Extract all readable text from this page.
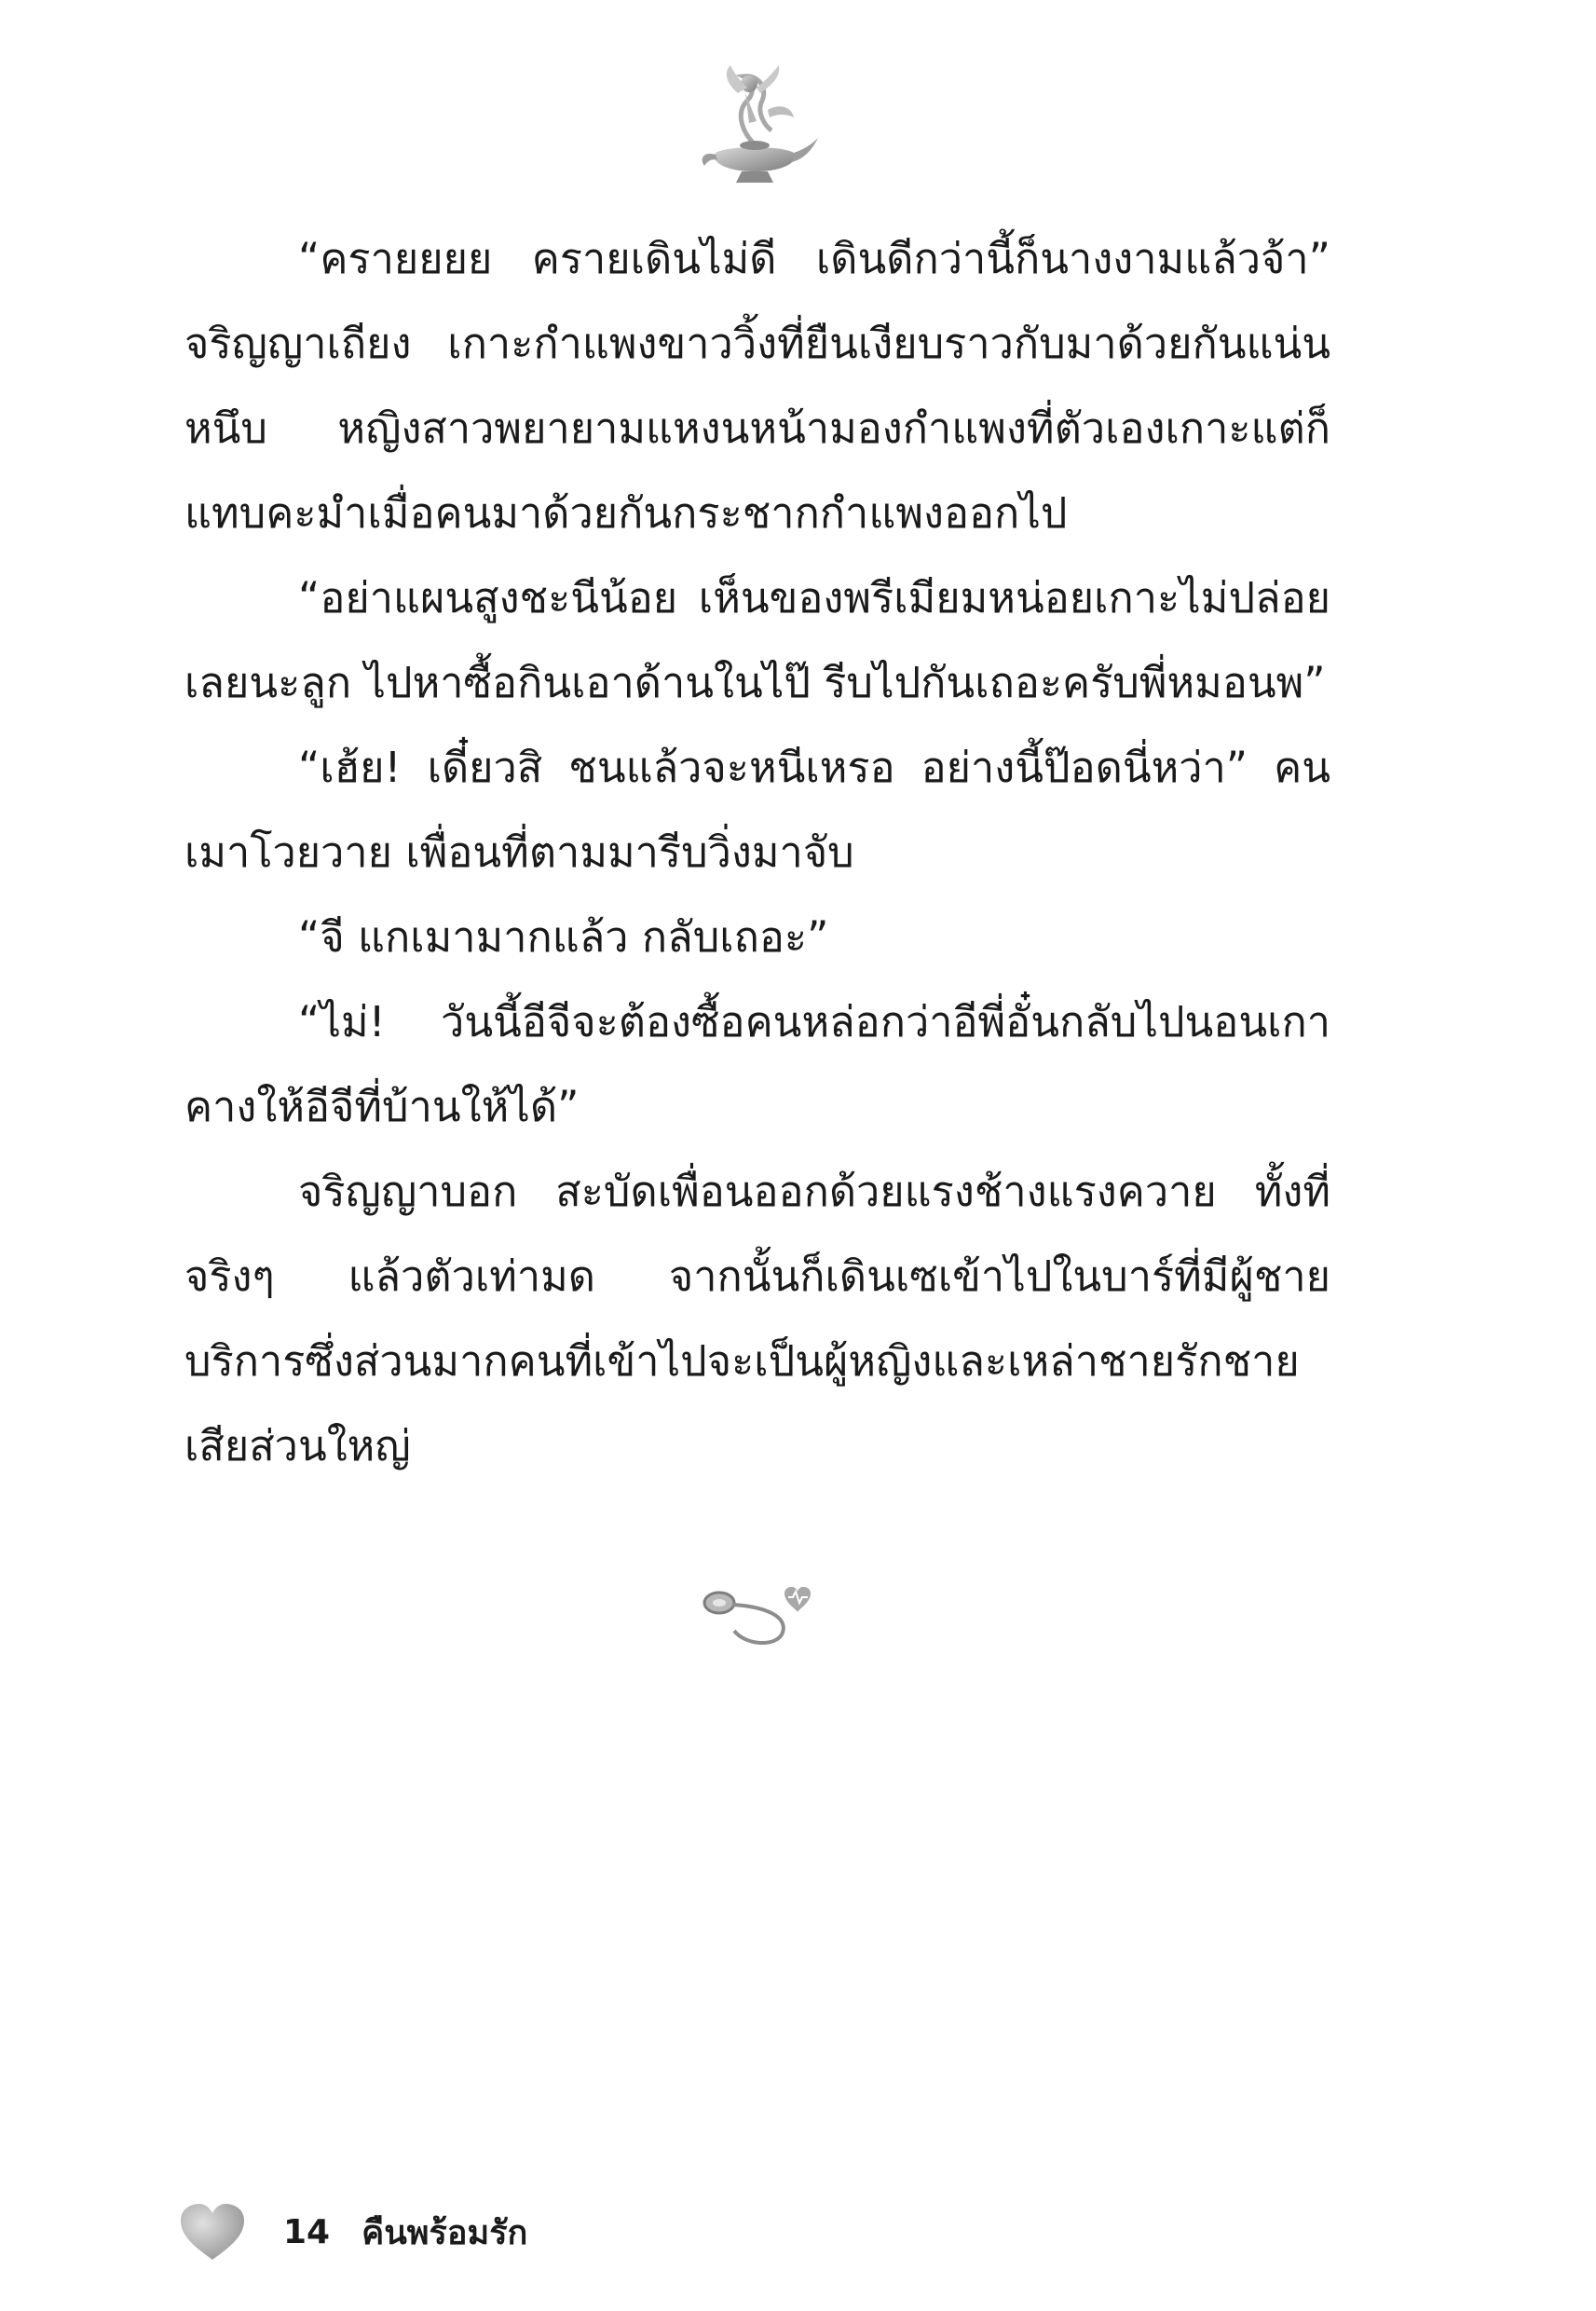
“ครายยยย ครายเดินไม่ดี เดินดีกว่านี้ก็นางงามแล้วจ้า” จริญญาเถียง เกาะกำแพงขาววิ้งที่ยืนเงียบราวกับมาด้วยกันแน่นหนึบ หญิงสาวพยายามแหงนหน้ามองกำแพงที่ตัวเองเกาะแต่ก็แทบคะมำเมื่อคนมาด้วยกันกระชากกำแพงออกไป

“อย่าแผนสูงชะนีน้อย เห็นของพรีเมียมหน่อยเกาะไม่ปล่อยเลยนะลูก ไปหาซื้อกินเอาด้านในไป๊ รีบไปกันเถอะครับพี่หมอนพ”

“เฮ้ย! เดี๋ยวสิ ชนแล้วจะหนีเหรอ อย่างนี้ป๊อดนี่หว่า” คนเมาโวยวาย เพื่อนที่ตามมารีบวิ่งมาจับ

“จี แกเมามากแล้ว กลับเถอะ”

“ไม่! วันนี้อีจีจะต้องซื้อคนหล่อกว่าอีพี่อั๋นกลับไปนอนเกาคางให้อีจีที่บ้านให้ได้”

จริญญาบอก สะบัดเพื่อนออกด้วยแรงช้างแรงควาย ทั้งที่จริงๆ แล้วตัวเท่ามด จากนั้นก็เดินเซเข้าไปในบาร์ที่มีผู้ชายบริการซึ่งส่วนมากคนที่เข้าไปจะเป็นผู้หญิงและเหล่าชายรักชายเสียส่วนใหญ่

14 คืนพร้อมรัก
